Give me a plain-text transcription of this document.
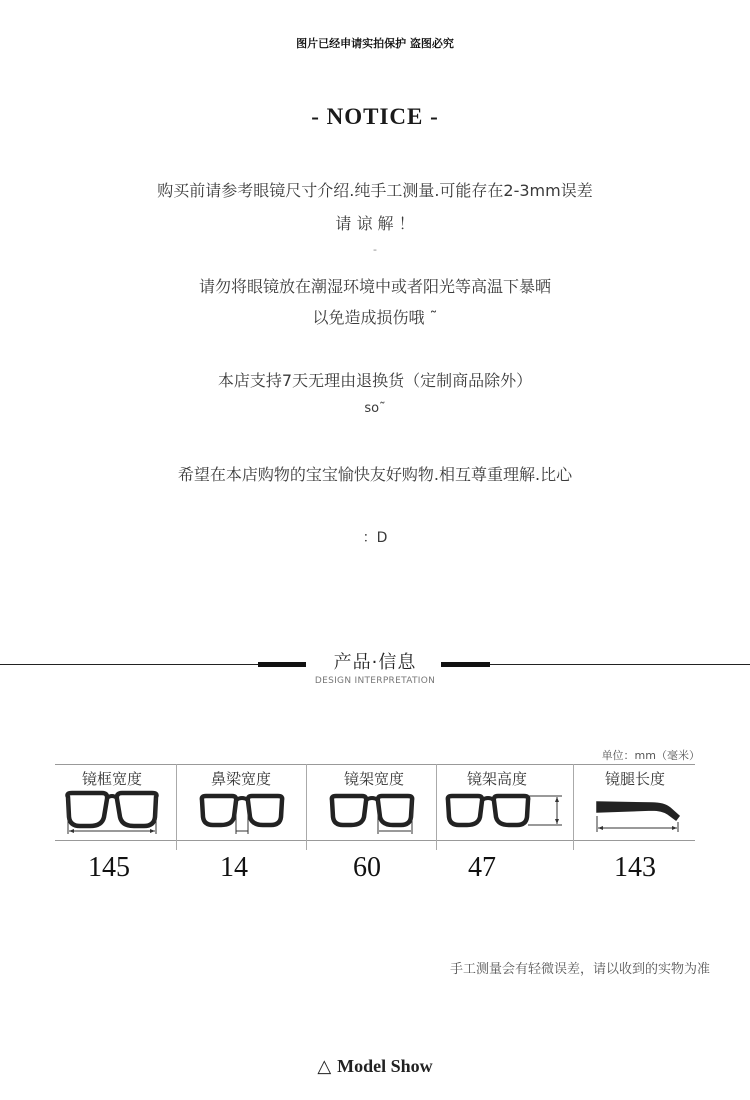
图片已经申请实拍保护 盗图必究
- NOTICE -
购买前请参考眼镜尺寸介绍.纯手工测量.可能存在2-3mm误差
请 谅 解 ！
-
请勿将眼镜放在潮湿环境中或者阳光等高温下暴晒
以免造成损伤哦 ˜
本店支持7天无理由退换货（定制商品除外）
so˜
希望在本店购物的宝宝愉快友好购物.相互尊重理解.比心
：D
产品·信息
DESIGN INTERPRETATION
单位：mm（毫米）
镜框宽度
145
鼻梁宽度
14
镜架宽度
60
镜架高度
47
镜腿长度
143
手工测量会有轻微误差，请以收到的实物为准
△ Model Show
